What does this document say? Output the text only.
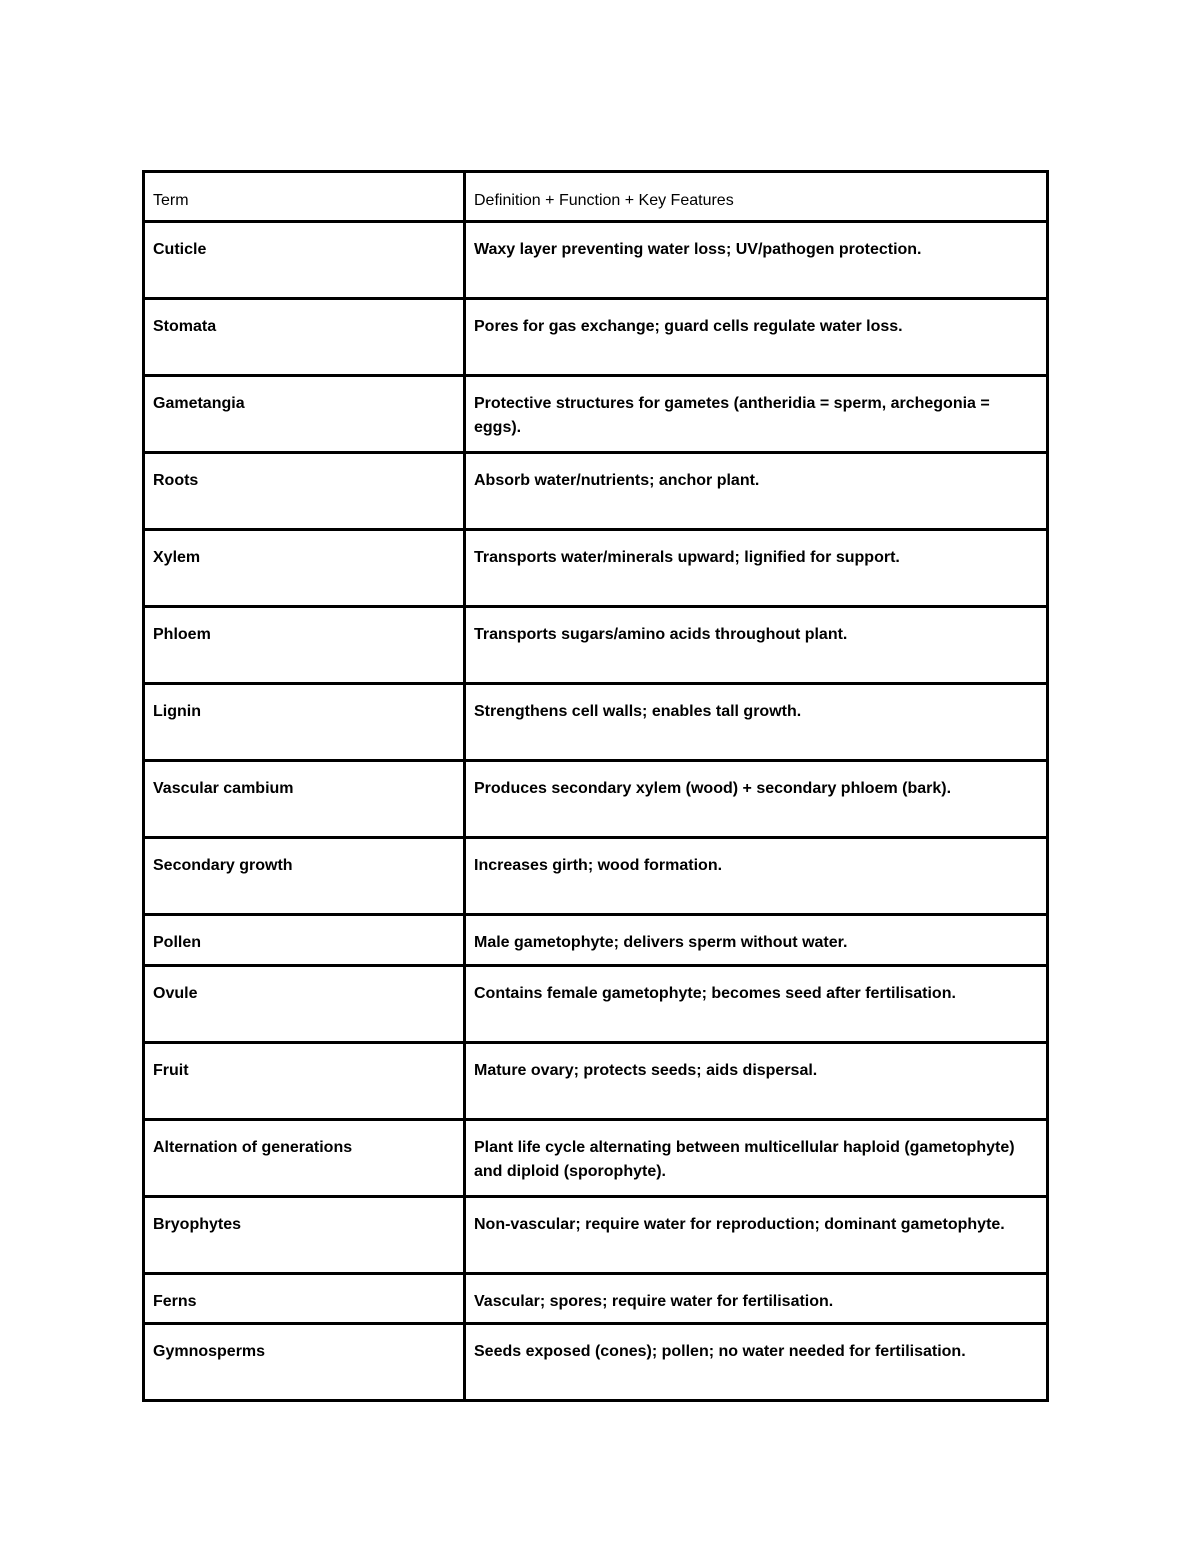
Term	Definition + Function + Key Features
Cuticle	Waxy layer preventing water loss; UV/pathogen protection.
Stomata	Pores for gas exchange; guard cells regulate water loss.
Gametangia	Protective structures for gametes (antheridia = sperm, archegonia = eggs).
Roots	Absorb water/nutrients; anchor plant.
Xylem	Transports water/minerals upward; lignified for support.
Phloem	Transports sugars/amino acids throughout plant.
Lignin	Strengthens cell walls; enables tall growth.
Vascular cambium	Produces secondary xylem (wood) + secondary phloem (bark).
Secondary growth	Increases girth; wood formation.
Pollen	Male gametophyte; delivers sperm without water.
Ovule	Contains female gametophyte; becomes seed after fertilisation.
Fruit	Mature ovary; protects seeds; aids dispersal.
Alternation of generations	Plant life cycle alternating between multicellular haploid (gametophyte) and diploid (sporophyte).
Bryophytes	Non-vascular; require water for reproduction; dominant gametophyte.
Ferns	Vascular; spores; require water for fertilisation.
Gymnosperms	Seeds exposed (cones); pollen; no water needed for fertilisation.
